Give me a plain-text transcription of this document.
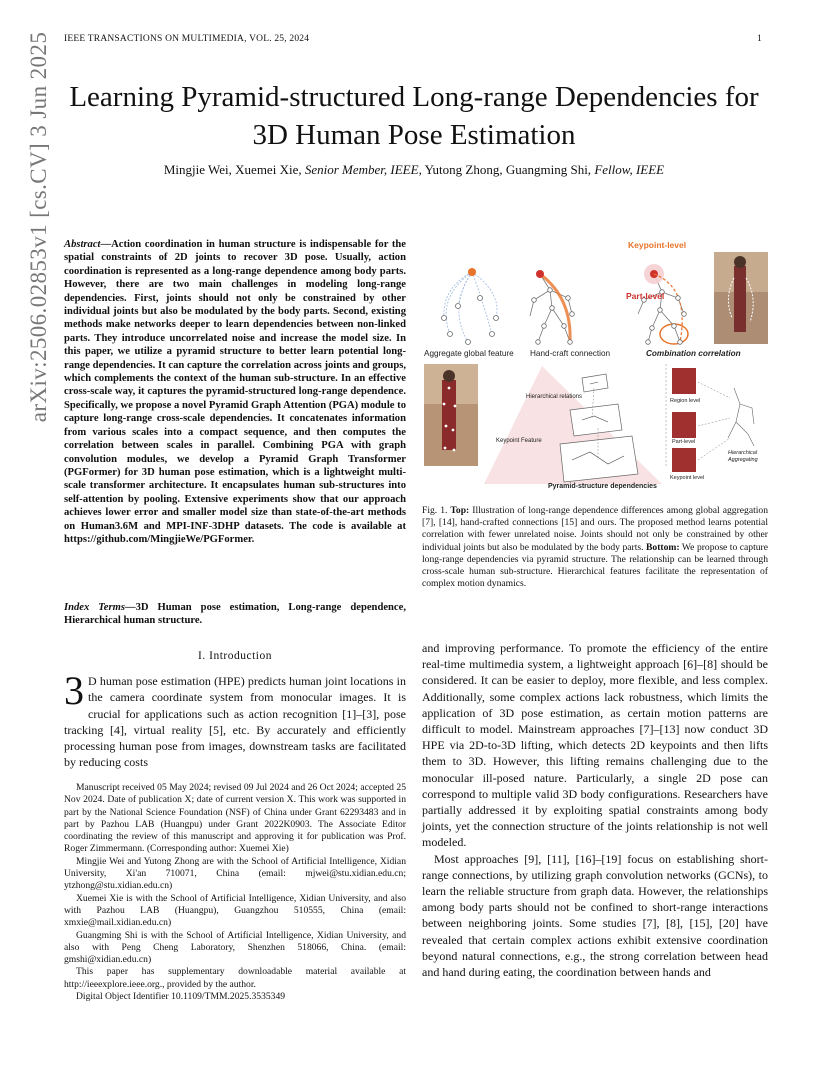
IEEE TRANSACTIONS ON MULTIMEDIA, VOL. 25, 2024	1
arXiv:2506.02853v1 [cs.CV] 3 Jun 2025 Learning Pyramid-structured Long-range Dependencies for 3D Human Pose Estimation
Mingjie Wei, Xuemei Xie, Senior Member, IEEE, Yutong Zhong, Guangming Shi, Fellow, IEEE
Abstract—Action coordination in human structure is indispensable for the spatial constraints of 2D joints to recover 3D pose. Usually, action coordination is represented as a long-range dependence among body parts. However, there are two main challenges in modeling long-range dependencies. First, joints should not only be constrained by other individual joints but also be modulated by the body parts. Second, existing methods make networks deeper to learn dependencies between non-linked parts. They introduce uncorrelated noise and increase the model size. In this paper, we utilize a pyramid structure to better learn potential long-range dependencies. It can capture the correlation across joints and groups, which complements the context of the human sub-structure. In an effective cross-scale way, it captures the pyramid-structured long-range dependence. Specifically, we propose a novel Pyramid Graph Attention (PGA) module to capture long-range cross-scale dependencies. It concatenates information from various scales into a compact sequence, and then computes the correlation between scales in parallel. Combining PGA with graph convolution modules, we develop a Pyramid Graph Transformer (PGFormer) for 3D human pose estimation, which is a lightweight multi-scale transformer architecture. It encapsulates human sub-structures into self-attention by pooling. Extensive experiments show that our approach achieves lower error and smaller model size than state-of-the-art methods on Human3.6M and MPI-INF-3DHP datasets. The code is available at https://github.com/MingjieWe/PGFormer.
Index Terms—3D Human pose estimation, Long-range dependence, Hierarchical human structure.
I. Introduction
3 D human pose estimation (HPE) predicts human joint locations in the camera coordinate system from monocular images. It is crucial for applications such as action recognition [1]–[3], pose tracking [4], virtual reality [5], etc. By accurately and efficiently processing human pose from images, downstream tasks are facilitated by reducing costs

Manuscript received 05 May 2024; revised 09 Jul 2024 and 26 Oct 2024; accepted 25 Nov 2024. Date of publication X; date of current version X. This work was supported in part by the National Science Foundation (NSF) of China under Grant 62293483 and in part by Pazhou LAB (Huangpu) under Grant 2022K0903. The Associate Editor coordinating the review of this manuscript and approving it for publication was Prof. Roger Zimmermann. (Corresponding author: Xuemei Xie)

Mingjie Wei and Yutong Zhong are with the School of Artificial Intelligence, Xidian University, Xi'an 710071, China (email: mjwei@stu.xidian.edu.cn; ytzhong@stu.xidian.edu.cn)

Xuemei Xie is with the School of Artificial Intelligence, Xidian University, and also with Pazhou LAB (Huangpu), Guangzhou 510555, China (email: xmxie@mail.xidian.edu.cn)

Guangming Shi is with the School of Artificial Intelligence, Xidian University, and also with Peng Cheng Laboratory, Shenzhen 518066, China. (email: gmshi@xidian.edu.cn)

This paper has supplementary downloadable material available at http://ieeexplore.ieee.org., provided by the author.

Digital Object Identifier 10.1109/TMM.2025.3535349

Keypoint-level
Part-level
Aggregate global feature Hand-craft connection	Combination correlation
Hierarchical relations
Keypoint Feature
Pyramid-structure dependencies
Region level
Part-level
Keypoint level
Hierarchical
Aggregating
Fig. 1. Top: Illustration of long-range dependence differences among global aggregation [7], [14], hand-crafted connections [15] and ours. The proposed method learns potential correlation with fewer unrelated noise. Joints should not only be constrained by other individual joints but also be modulated by the body parts. Bottom: We propose to capture long-range dependencies via pyramid structure. The relationship can be learned through cross-scale human sub-structure. Hierarchical features facilitate the representation of complex motion dynamics.

and improving performance. To promote the efficiency of the entire real-time multimedia system, a lightweight approach [6]–[8] should be considered. It can be easier to deploy, more flexible, and less complex. Additionally, some complex actions lack robustness, which limits the application of 3D pose estimation, as certain motion patterns are difficult to model. Mainstream approaches [7]–[13] now conduct 3D HPE via 2D-to-3D lifting, which detects 2D keypoints and then lifts them to 3D. However, this lifting remains challenging due to the monocular ill-posed nature. Particularly, a single 2D pose can correspond to multiple valid 3D body configurations. Researchers have partially addressed it by exploiting spatial constraints among body joints, yet the connection structure of the joints relationship is not well modeled.

Most approaches [9], [11], [16]–[19] focus on establishing short-range connections, by utilizing graph convolution networks (GCNs), to learn the reliable structure from graph data. However, the relationships among body parts should not be confined to short-range interactions between neighboring joints. Some studies [7], [8], [15], [20] have revealed that certain complex actions exhibit extensive coordination beyond natural connections, e.g., the strong correlation between head and hand during eating, the coordination between hands and
